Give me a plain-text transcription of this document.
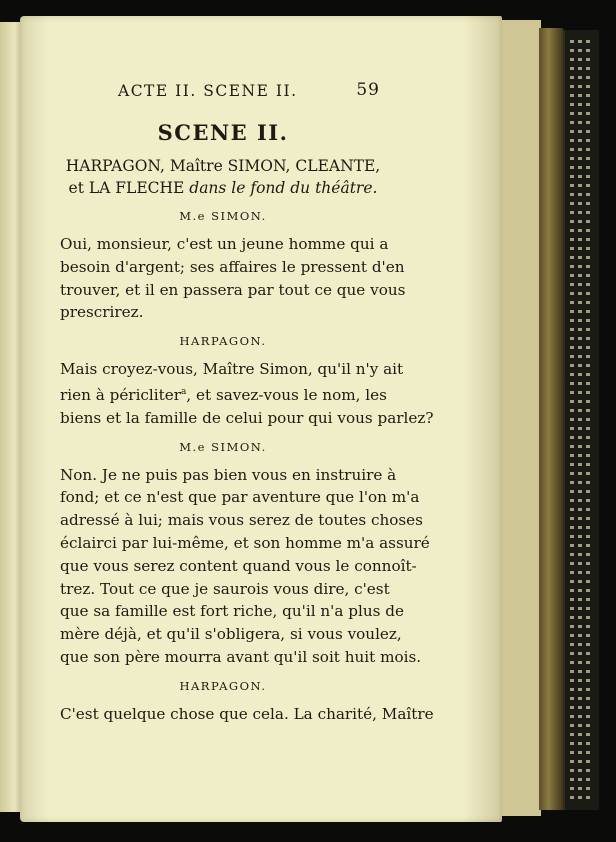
ACTE II. SCENE II.	59
SCENE II.
HARPAGON, Maître SIMON, CLEANTE,
et LA FLECHE dans le fond du théâtre.
M.e SIMON.

Oui, monsieur, c'est un jeune homme qui a
besoin d'argent; ses affaires le pressent d'en
trouver, et il en passera par tout ce que vous
prescrirez.

HARPAGON.

Mais croyez-vous, Maître Simon, qu'il n'y ait
rien à péricliter$^a$, et savez-vous le nom, les
biens et la famille de celui pour qui vous parlez?

M.e SIMON.

Non. Je ne puis pas bien vous en instruire à
fond; et ce n'est que par aventure que l'on m'a
adressé à lui; mais vous serez de toutes choses
éclairci par lui-même, et son homme m'a assuré
que vous serez content quand vous le connoît-
trez. Tout ce que je saurois vous dire, c'est
que sa famille est fort riche, qu'il n'a plus de
mère déjà, et qu'il s'obligera, si vous voulez,
que son père mourra avant qu'il soit huit mois.

HARPAGON.

C'est quelque chose que cela. La charité, Maître
